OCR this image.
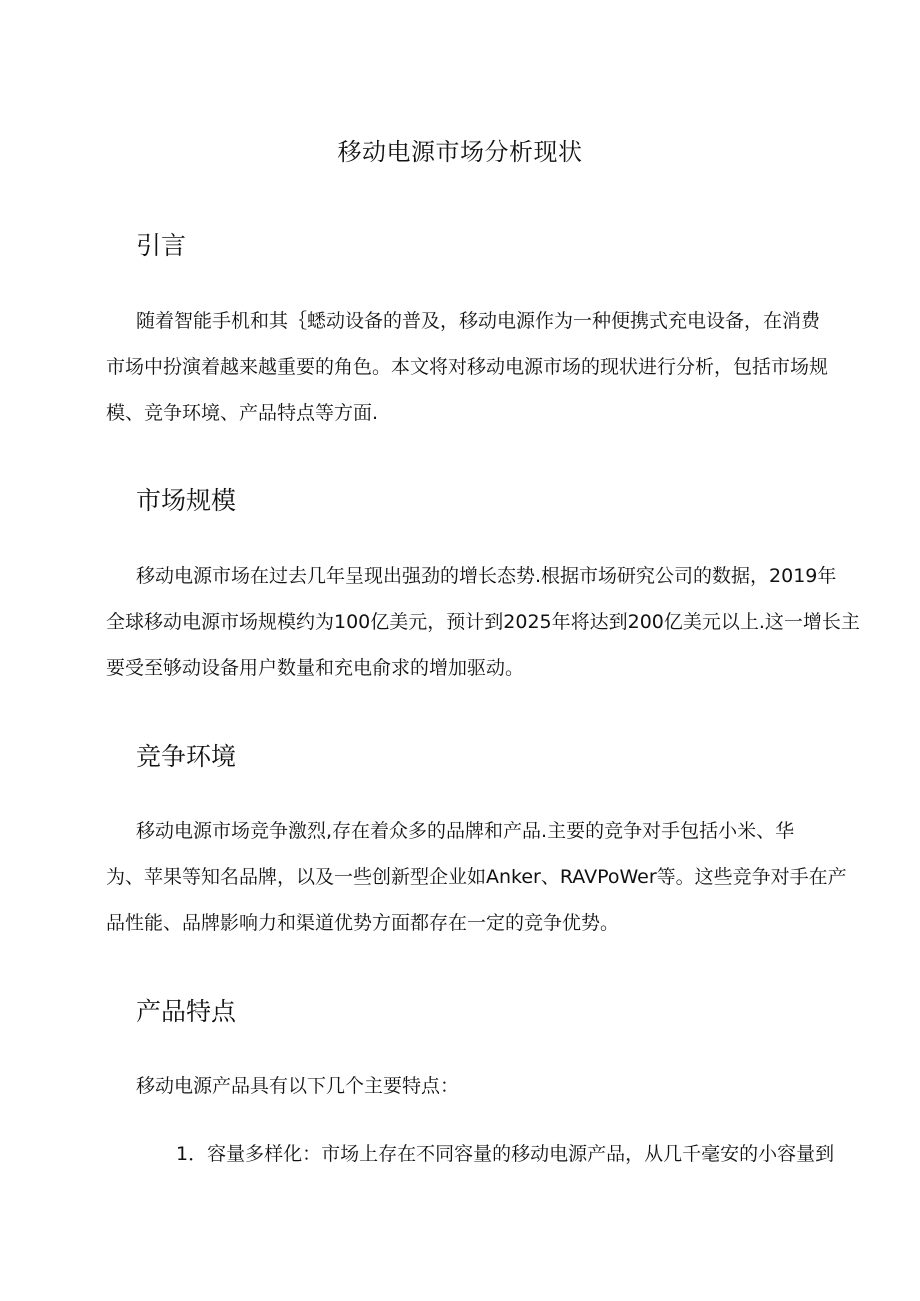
移动电源市场分析现状
引言
随着智能手机和其｛蟋动设备的普及，移动电源作为一种便携式充电设备，在消费
市场中扮演着越来越重要的角色。本文将对移动电源市场的现状进行分析，包括市场规
模、竞争环境、产品特点等方面.
市场规模
移动电源市场在过去几年呈现出强劲的增长态势.根据市场研究公司的数据，2019年
全球移动电源市场规模约为100亿美元，预计到2025年将达到200亿美元以上.这一增长主
要受至够动设备用户数量和充电俞求的增加驱动。
竞争环境
移动电源市场竞争激烈,存在着众多的品牌和产品.主要的竞争对手包括小米、华
为、苹果等知名品牌，以及一些创新型企业如Anker、RAVPoWer等。这些竞争对手在产
品性能、品牌影响力和渠道优势方面都存在一定的竞争优势。
产品特点
移动电源产品具有以下几个主要特点：
1．容量多样化：市场上存在不同容量的移动电源产品，从几千毫安的小容量到
